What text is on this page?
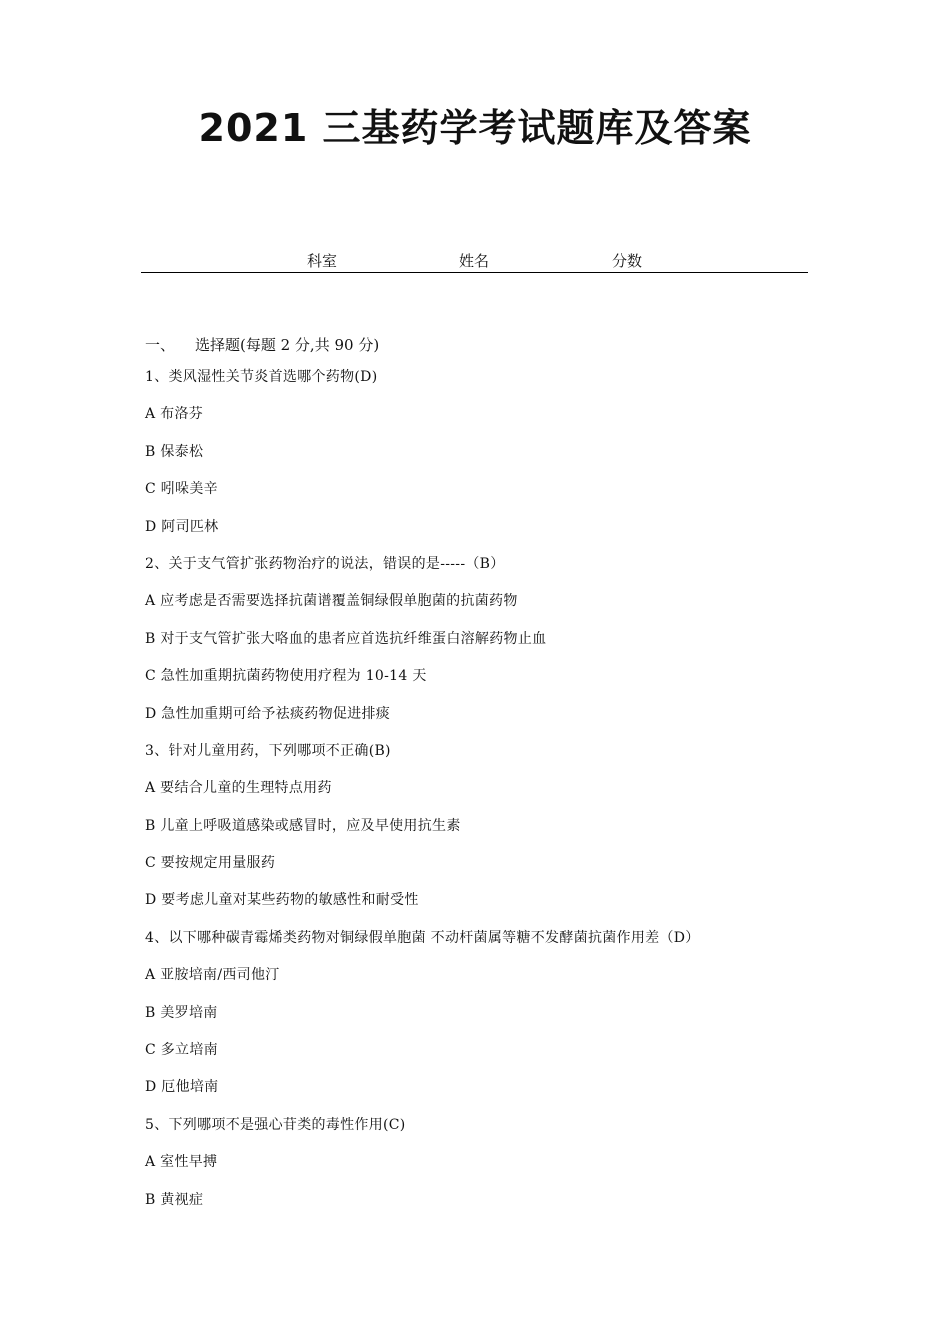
2021 三基药学考试题库及答案
科室	姓名	分数
一、 选择题(每题 2 分,共 90 分)
1、类风湿性关节炎首选哪个药物(D)
A 布洛芬
B 保泰松
C 吲哚美辛
D 阿司匹林
2、关于支气管扩张药物治疗的说法，错误的是-----（B）
A 应考虑是否需要选择抗菌谱覆盖铜绿假单胞菌的抗菌药物
B 对于支气管扩张大咯血的患者应首选抗纤维蛋白溶解药物止血
C 急性加重期抗菌药物使用疗程为 10-14 天
D 急性加重期可给予祛痰药物促进排痰
3、针对儿童用药，下列哪项不正确(B)
A 要结合儿童的生理特点用药
B 儿童上呼吸道感染或感冒时，应及早使用抗生素
C 要按规定用量服药
D 要考虑儿童对某些药物的敏感性和耐受性
4、以下哪种碳青霉烯类药物对铜绿假单胞菌 不动杆菌属等糖不发酵菌抗菌作用差（D）
A 亚胺培南/西司他汀
B 美罗培南
C 多立培南
D 厄他培南
5、下列哪项不是强心苷类的毒性作用(C)
A 室性早搏
B 黄视症
